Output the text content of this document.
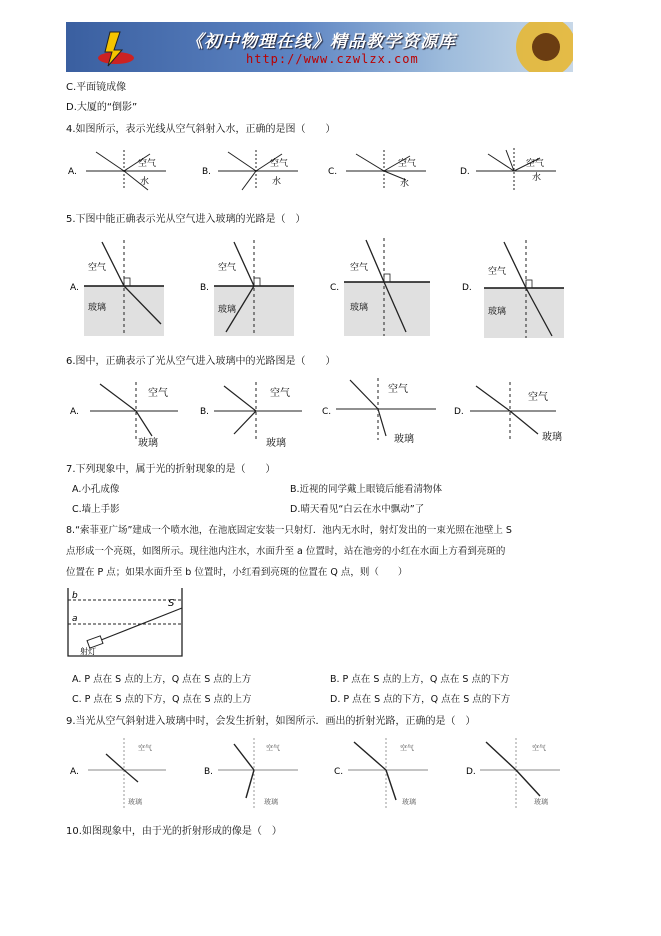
《初中物理在线》精品教学资源库
http://www.czwlzx.com
C.平面镜成像
D.大厦的“倒影”
4.如图所示，表示光线从空气斜射入水，正确的是图（　　）
A.
空气
水
B.
空气
水
C.
空气
水
D.
空气
水
5.下图中能正确表示光从空气进入玻璃的光路是（　）
A.
空气
玻璃
B.
空气
玻璃
C.
空气
玻璃
D.
空气
玻璃
6.图中，正确表示了光从空气进入玻璃中的光路图是（　　）
A.
空气
玻璃
B.
空气
玻璃
C.
空气
玻璃
D.
空气
玻璃
7.下列现象中，属于光的折射现象的是（　　）
A.小孔成像	B.近视的同学戴上眼镜后能看清物体
C.墙上手影	D.晴天看见“白云在水中飘动”了
8.“索菲亚广场”建成一个喷水池，在池底固定安装一只射灯．池内无水时，射灯发出的一束光照在池壁上 S
点形成一个亮斑，如图所示。现往池内注水，水面升至 a 位置时，站在池旁的小红在水面上方看到亮斑的
位置在 P 点；如果水面升至 b 位置时，小红看到亮斑的位置在 Q 点，则（　　）
b
a
S
射灯
A. P 点在 S 点的上方，Q 点在 S 点的上方	B. P 点在 S 点的上方，Q 点在 S 点的下方
C. P 点在 S 点的下方，Q 点在 S 点的上方	D. P 点在 S 点的下方，Q 点在 S 点的下方
9.当光从空气斜射进入玻璃中时，会发生折射，如图所示．画出的折射光路，正确的是（　）
A.
空气
玻璃
B.
空气
玻璃
C.
空气
玻璃
D.
空气
玻璃
10.如图现象中，由于光的折射形成的像是（　）
